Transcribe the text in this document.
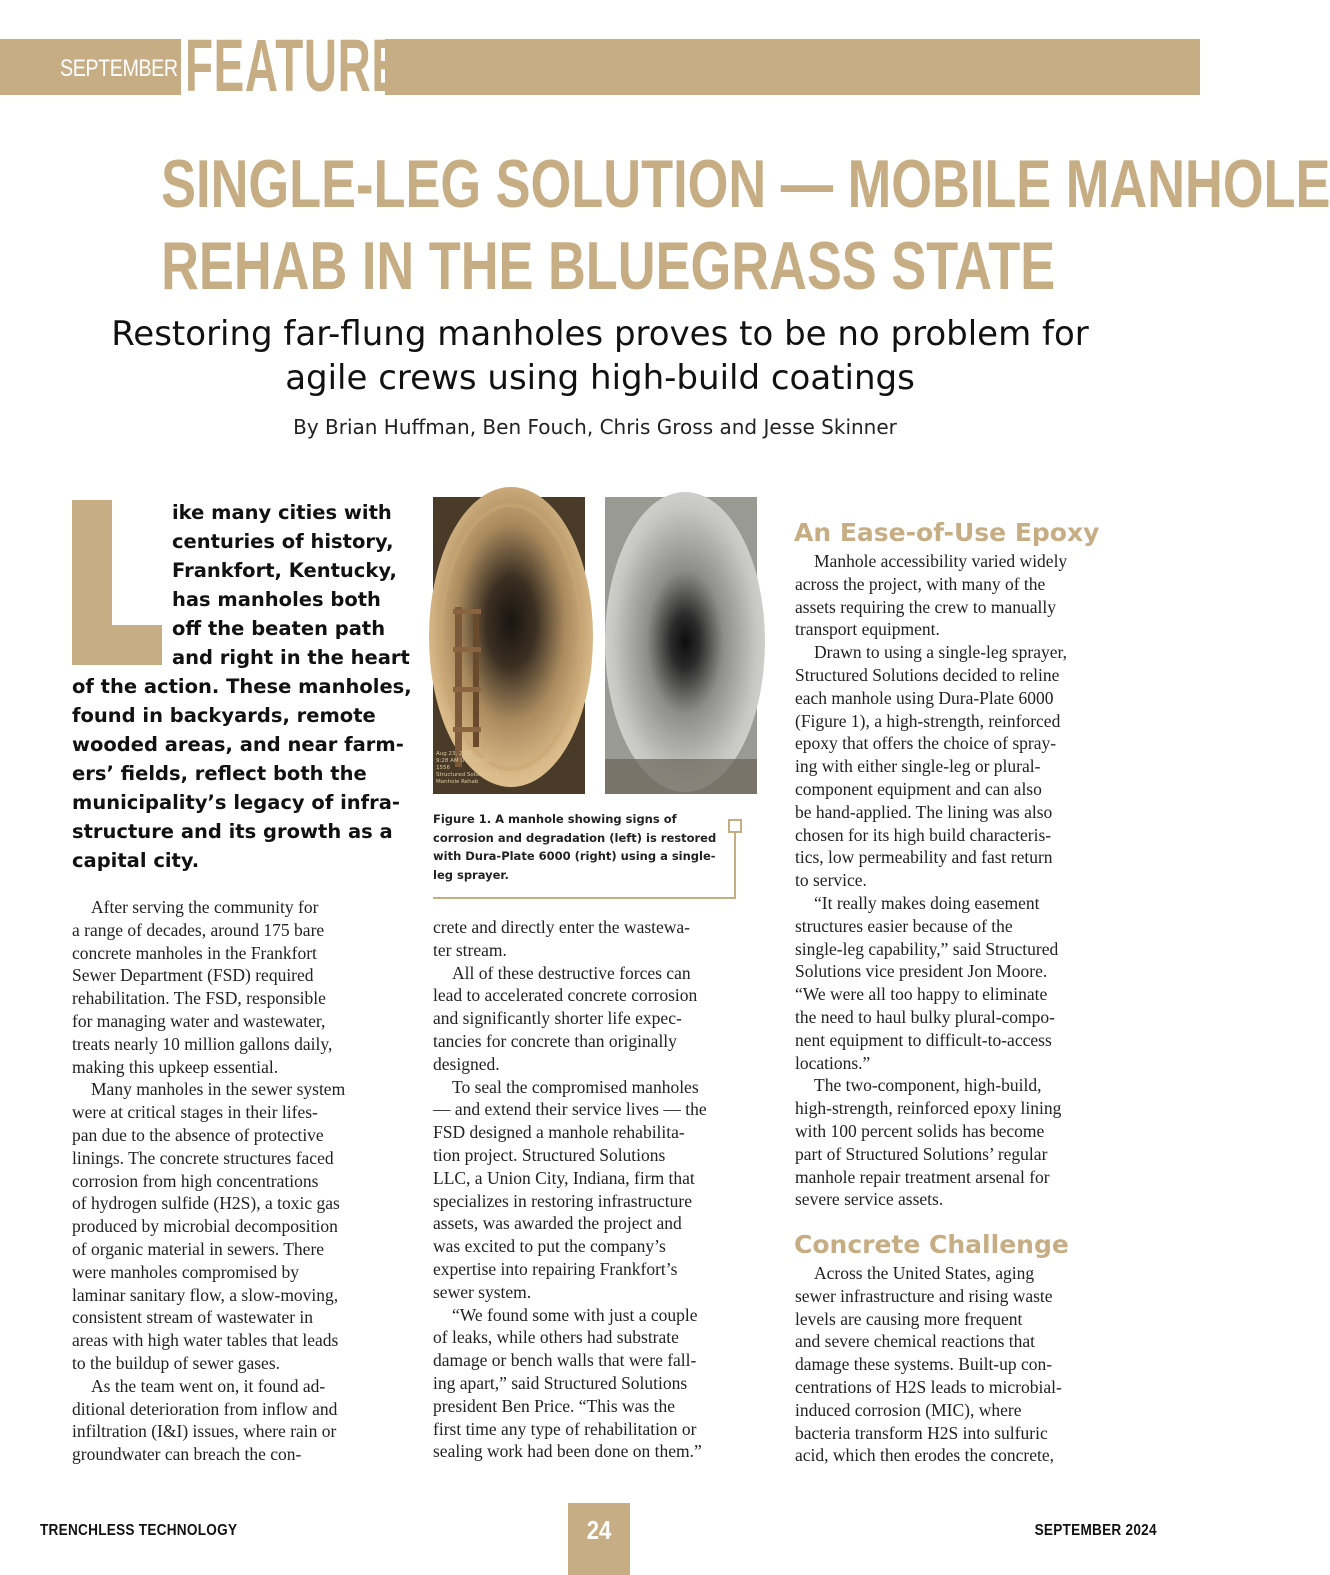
SEPTEMBER FEATURE
SINGLE-LEG SOLUTION — MOBILE MANHOLE
REHAB IN THE BLUEGRASS STATE
Restoring far-flung manholes proves to be no problem for
agile crews using high-build coatings
By Brian Huffman, Ben Fouch, Chris Gross and Jesse Skinner
ike many cities with
centuries of history,
Frankfort, Kentucky,
has manholes both
off the beaten path
and right in the heart
of the action. These manholes,
found in backyards, remote
wooded areas, and near farm-
ers’ fields, reflect both the
municipality’s legacy of infra-
structure and its growth as a
capital city.
After serving the community for
a range of decades, around 175 bare
concrete manholes in the Frankfort
Sewer Department (FSD) required
rehabilitation. The FSD, responsible
for managing water and wastewater,
treats nearly 10 million gallons daily,
making this upkeep essential.
Many manholes in the sewer system
were at critical stages in their lifes-
pan due to the absence of protective
linings. The concrete structures faced
corrosion from high concentrations
of hydrogen sulfide (H2S), a toxic gas
produced by microbial decomposition
of organic material in sewers. There
were manholes compromised by
laminar sanitary flow, a slow-moving,
consistent stream of wastewater in
areas with high water tables that leads
to the buildup of sewer gases.
As the team went on, it found ad-
ditional deterioration from inflow and
infiltration (I&I) issues, where rain or
groundwater can breach the con-
Aug 23, 2021
9:28 AM UTC-04:00
1556
Structured Solutions, L...
Manhole Rehab
Figure 1. A manhole showing signs of
corrosion and degradation (left) is restored
with Dura-Plate 6000 (right) using a single-
leg sprayer.
crete and directly enter the wastewa-
ter stream.
All of these destructive forces can
lead to accelerated concrete corrosion
and significantly shorter life expec-
tancies for concrete than originally
designed.
To seal the compromised manholes
— and extend their service lives — the
FSD designed a manhole rehabilita-
tion project. Structured Solutions
LLC, a Union City, Indiana, firm that
specializes in restoring infrastructure
assets, was awarded the project and
was excited to put the company’s
expertise into repairing Frankfort’s
sewer system.
“We found some with just a couple
of leaks, while others had substrate
damage or bench walls that were fall-
ing apart,” said Structured Solutions
president Ben Price. “This was the
first time any type of rehabilitation or
sealing work had been done on them.”
An Ease-of-Use Epoxy
Manhole accessibility varied widely
across the project, with many of the
assets requiring the crew to manually
transport equipment.
Drawn to using a single-leg sprayer,
Structured Solutions decided to reline
each manhole using Dura-Plate 6000
(Figure 1), a high-strength, reinforced
epoxy that offers the choice of spray-
ing with either single-leg or plural-
component equipment and can also
be hand-applied. The lining was also
chosen for its high build characteris-
tics, low permeability and fast return
to service.
“It really makes doing easement
structures easier because of the
single-leg capability,” said Structured
Solutions vice president Jon Moore.
“We were all too happy to eliminate
the need to haul bulky plural-compo-
nent equipment to difficult-to-access
locations.”
The two-component, high-build,
high-strength, reinforced epoxy lining
with 100 percent solids has become
part of Structured Solutions’ regular
manhole repair treatment arsenal for
severe service assets.
Concrete Challenge
Across the United States, aging
sewer infrastructure and rising waste
levels are causing more frequent
and severe chemical reactions that
damage these systems. Built-up con-
centrations of H2S leads to microbial-
induced corrosion (MIC), where
bacteria transform H2S into sulfuric
acid, which then erodes the concrete,
TRENCHLESS TECHNOLOGY	24	SEPTEMBER 2024
